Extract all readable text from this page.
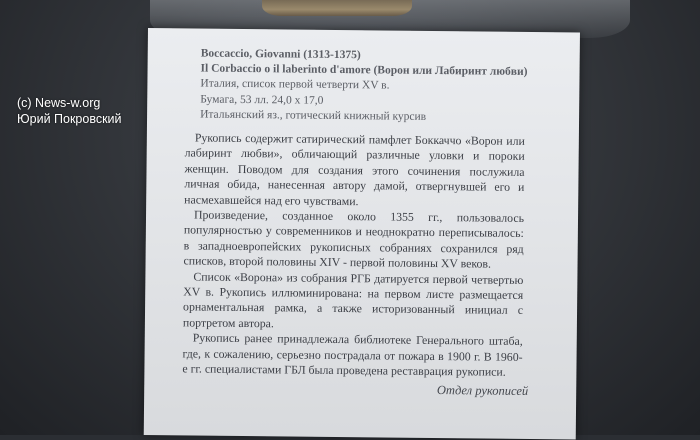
(c) News-w.org
Юрий Покровский
Boccaccio, Giovanni (1313-1375)
Il Corbaccio o il laberinto d'amore (Ворон или Лабиринт любви)
Италия, список первой четверти XV в.
Бумага, 53 лл. 24,0 х 17,0
Итальянский яз., готический книжный курсив

Рукопись содержит сатирический памфлет Боккаччо «Ворон или лабиринт любви», обличающий различные уловки и пороки женщин. Поводом для создания этого сочинения послужила личная обида, нанесенная автору дамой, отвергнувшей его и насмехавшейся над его чувствами.

Произведение, созданное около 1355 гг., пользовалось популярностью у современников и неоднократно переписывалось: в западноевропейских рукописных собраниях сохранился ряд списков, второй половины XIV - первой половины XV веков.

Список «Ворона» из собрания РГБ датируется первой четвертью XV в. Рукопись иллюминирована: на первом листе размещается орнаментальная рамка, а также историзованный инициал с портретом автора.

Рукопись ранее принадлежала библиотеке Генерального штаба, где, к сожалению, серьезно пострадала от пожара в 1900 г. В 1960-е гг. специалистами ГБЛ была проведена реставрация рукописи.

Отдел рукописей
